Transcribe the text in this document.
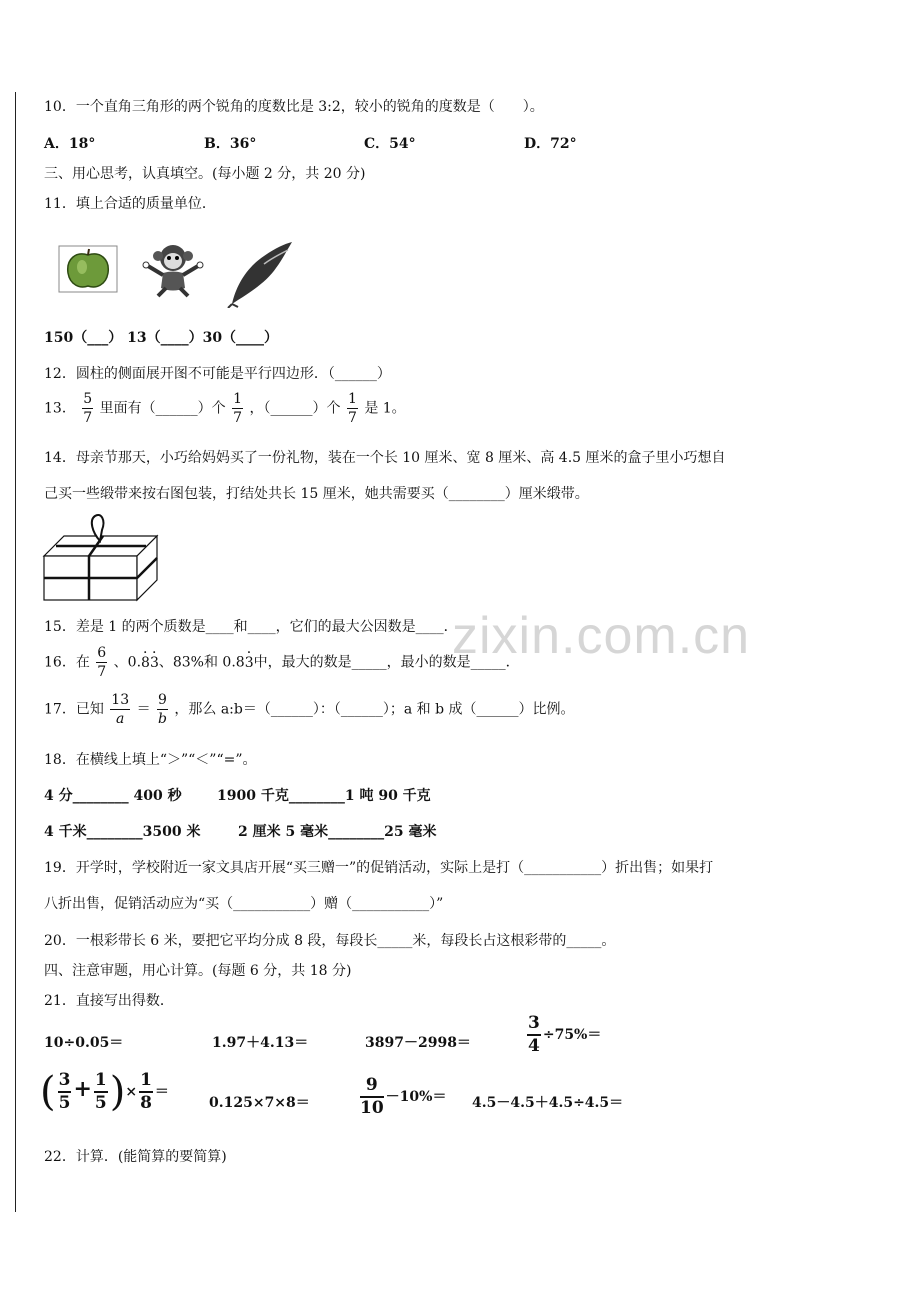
zixin.com.cn
10．一个直角三角形的两个锐角的度数比是 3:2，较小的锐角的度数是（　　）。
A．18°	B．36°	C．54°	D．72°
三、用心思考，认真填空。(每小题 2 分，共 20 分)
11．填上合适的质量单位．
150（___） 13（____）30（____）
12．圆柱的侧面展开图不可能是平行四边形．（______）
13． $\frac{5}{7}$ 里面有（______）个 $\frac{1}{7}$ ，（______）个 $\frac{1}{7}$ 是 1。
14．母亲节那天，小巧给妈妈买了一份礼物，装在一个长 10 厘米、宽 8 厘米、高 4.5 厘米的盒子里小巧想自
己买一些缎带来按右图包装，打结处共长 15 厘米，她共需要买（________）厘米缎带。
15．差是 1 的两个质数是____和____，它们的最大公因数是____．
16．在 $\frac{6}{7}$ 、0.· 8· 3、83%和 0.8· 3中，最大的数是_____，最小的数是_____．
17．已知 $\frac{13}{a} = \frac{9}{b}$ ，那么 a:b＝（______）：（______）；a 和 b 成（______）比例。
18．在横线上填上“＞”“＜”“=”。
4 分________ 400 秒	1900 千克________1 吨 90 千克
4 千米________3500 米	2 厘米 5 毫米________25 毫米
19．开学时，学校附近一家文具店开展“买三赠一”的促销活动，实际上是打（___________）折出售；如果打
八折出售，促销活动应为“买（___________）赠（___________）”
20．一根彩带长 6 米，要把它平均分成 8 段，每段长_____米，每段长占这根彩带的_____。
四、注意审题，用心计算。(每题 6 分，共 18 分)
21．直接写出得数．
10÷0.05＝	1.97＋4.13＝	3897－2998＝	$\frac{3}{4} \div 75\%=$
( $\frac{3}{5} + \frac{1}{5}$ )× $\frac{1}{8}$ ＝
0.125×7×8＝	$\frac{9}{10} -10\%= 4.5-4.5+4.5\div 4.5=$
22．计算．(能简算的要简算)
